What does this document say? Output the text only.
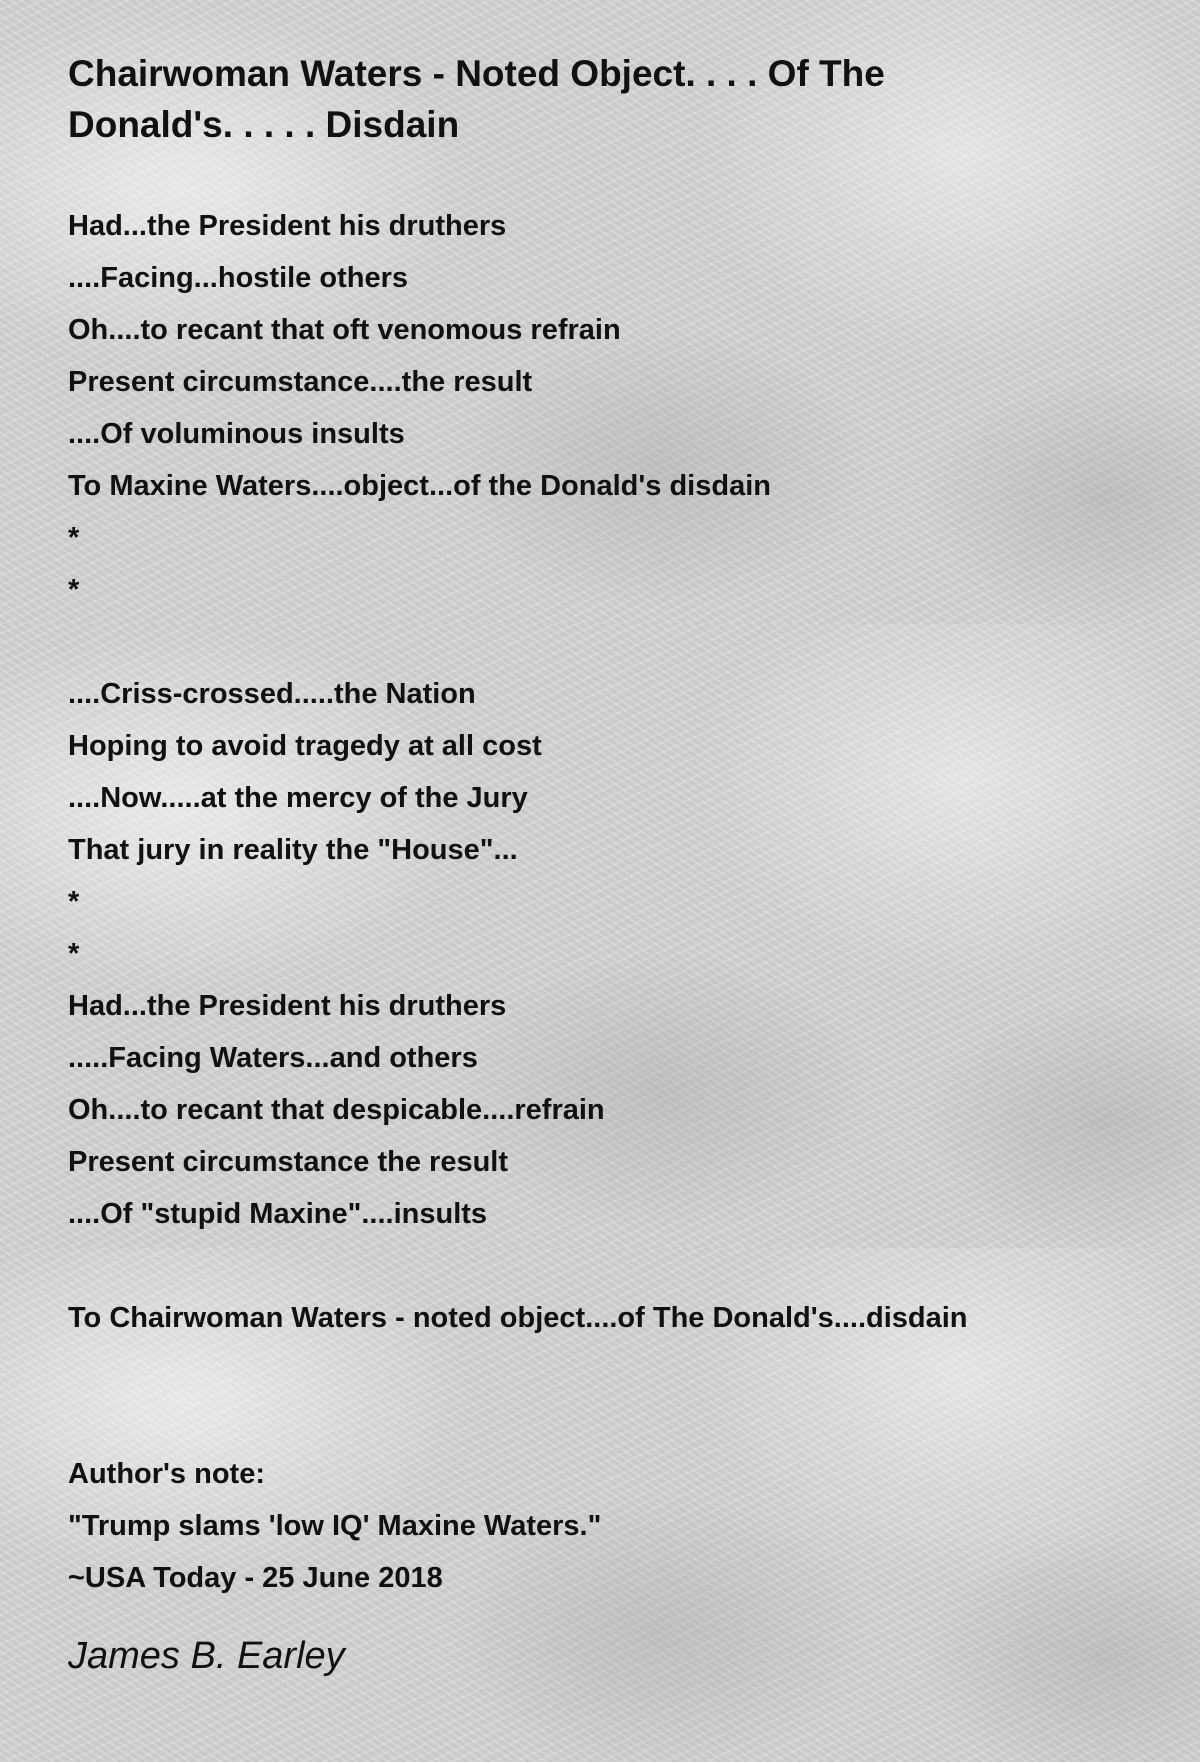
Chairwoman Waters - Noted Object. . . . Of The Donald's. . . . . Disdain
Had...the President his druthers
....Facing...hostile others
Oh....to recant that oft venomous refrain
Present circumstance....the result
....Of voluminous insults
To Maxine Waters....object...of the Donald's disdain
*
*
....Criss-crossed.....the Nation
Hoping to avoid tragedy at all cost
....Now.....at the mercy of the Jury
That jury in reality the "House"...
*
*
Had...the President his druthers
.....Facing Waters...and others
Oh....to recant that despicable....refrain
Present circumstance the result
....Of "stupid Maxine"....insults
To Chairwoman Waters - noted object....of The Donald's....disdain
Author's note:
"Trump slams 'low IQ' Maxine Waters."
~USA Today - 25 June 2018
James B. Earley
